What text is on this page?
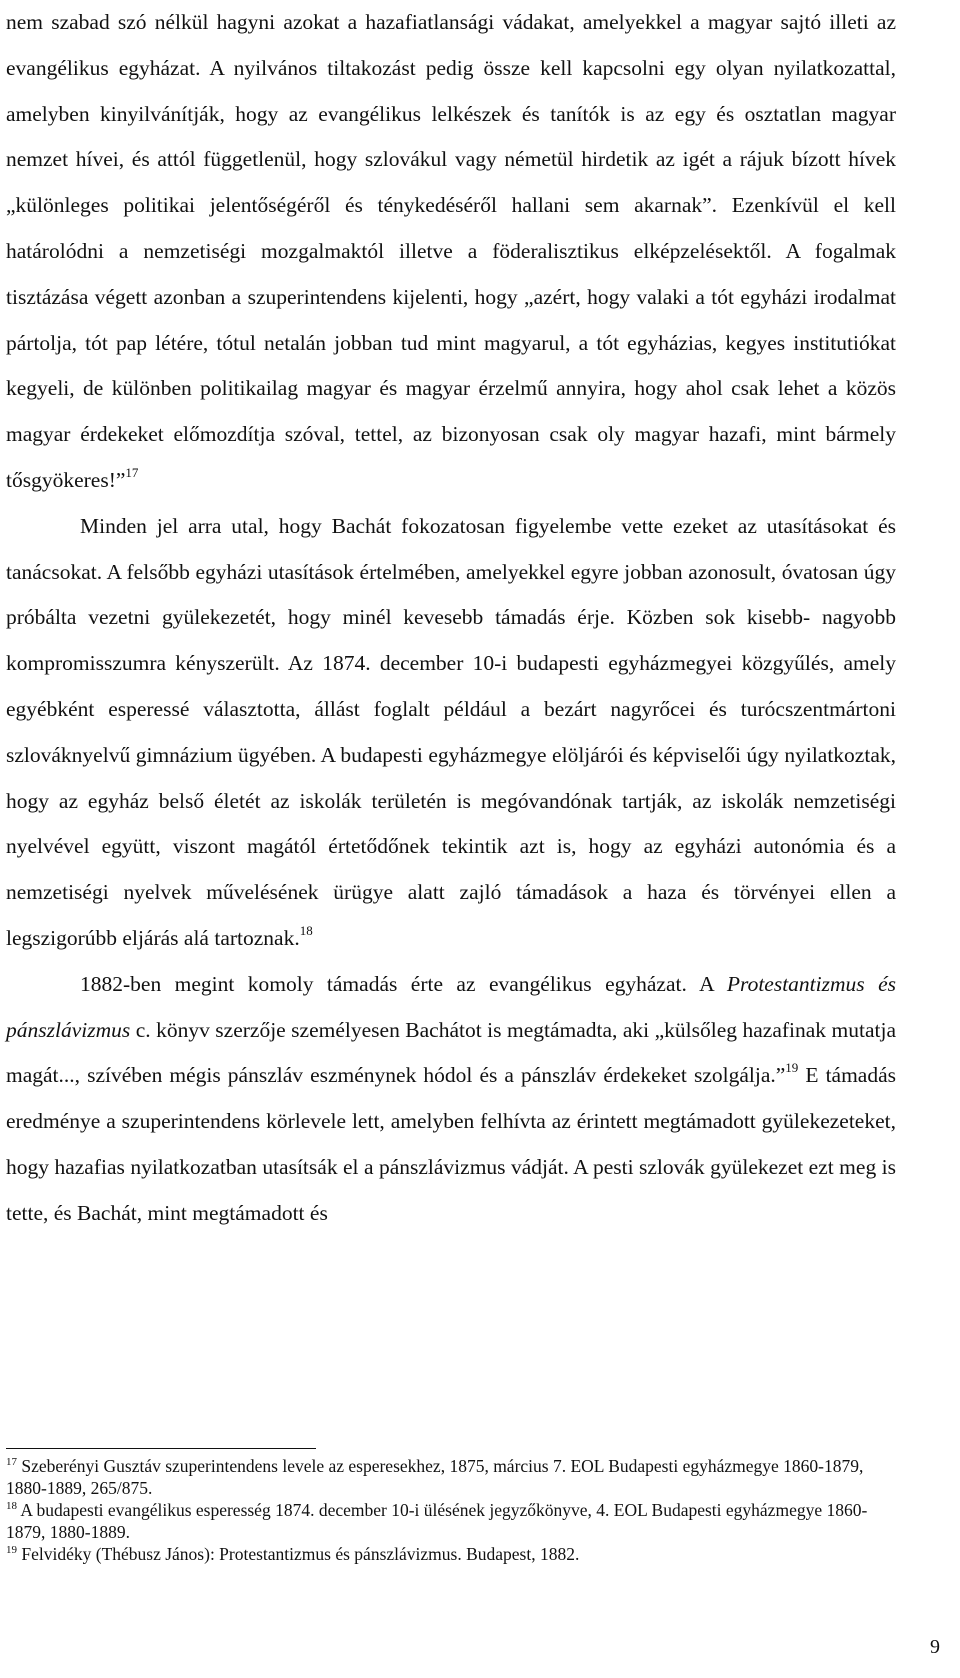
nem szabad szó nélkül hagyni azokat a hazafiatlansági vádakat, amelyekkel a magyar sajtó illeti az evangélikus egyházat. A nyilvános tiltakozást pedig össze kell kapcsolni egy olyan nyilatkozattal, amelyben kinyilvánítják, hogy az evangélikus lelkészek és tanítók is az egy és osztatlan magyar nemzet hívei, és attól függetlenül, hogy szlovákul vagy németül hirdetik az igét a rájuk bízott hívek „különleges politikai jelentőségéről és ténykedéséről hallani sem akarnak”. Ezenkívül el kell határolódni a nemzetiségi mozgalmaktól illetve a föderalisztikus elképzelésektől. A fogalmak tisztázása végett azonban a szuperintendens kijelenti, hogy „azért, hogy valaki a tót egyházi irodalmat pártolja, tót pap létére, tótul netalán jobban tud mint magyarul, a tót egyházias, kegyes institutiókat kegyeli, de különben politikailag magyar és magyar érzelmű annyira, hogy ahol csak lehet a közös magyar érdekeket előmozdítja szóval, tettel, az bizonyosan csak oly magyar hazafi, mint bármely tősgyökeres!”$^{17}$

Minden jel arra utal, hogy Bachát fokozatosan figyelembe vette ezeket az utasításokat és tanácsokat. A felsőbb egyházi utasítások értelmében, amelyekkel egyre jobban azonosult, óvatosan úgy próbálta vezetni gyülekezetét, hogy minél kevesebb támadás érje. Közben sok kisebb- nagyobb kompromisszumra kényszerült. Az 1874. december 10-i budapesti egyházmegyei közgyűlés, amely egyébként esperessé választotta, állást foglalt például a bezárt nagyrőcei és turócszentmártoni szlováknyelvű gimnázium ügyében. A budapesti egyházmegye elöljárói és képviselői úgy nyilatkoztak, hogy az egyház belső életét az iskolák területén is megóvandónak tartják, az iskolák nemzetiségi nyelvével együtt, viszont magától értetődőnek tekintik azt is, hogy az egyházi autonómia és a nemzetiségi nyelvek művelésének ürügye alatt zajló támadások a haza és törvényei ellen a legszigorúbb eljárás alá tartoznak.$^{18}$

1882-ben megint komoly támadás érte az evangélikus egyházat. A Protestantizmus és pánszlávizmus c. könyv szerzője személyesen Bachátot is megtámadta, aki „külsőleg hazafinak mutatja magát..., szívében mégis pánszláv eszménynek hódol és a pánszláv érdekeket szolgálja.”$^{19}$ E támadás eredménye a szuperintendens körlevele lett, amelyben felhívta az érintett megtámadott gyülekezeteket, hogy hazafias nyilatkozatban utasítsák el a pánszlávizmus vádját. A pesti szlovák gyülekezet ezt meg is tette, és Bachát, mint megtámadott és

$^{17}$ Szeberényi Gusztáv szuperintendens levele az esperesekhez, 1875, március 7. EOL Budapesti egyházmegye 1860-1879, 1880-1889, 265/875.

$^{18}$ A budapesti evangélikus esperesség 1874. december 10-i ülésének jegyzőkönyve, 4. EOL Budapesti egyházmegye 1860-1879, 1880-1889.

$^{19}$ Felvidéky (Thébusz János): Protestantizmus és pánszlávizmus. Budapest, 1882.

9
